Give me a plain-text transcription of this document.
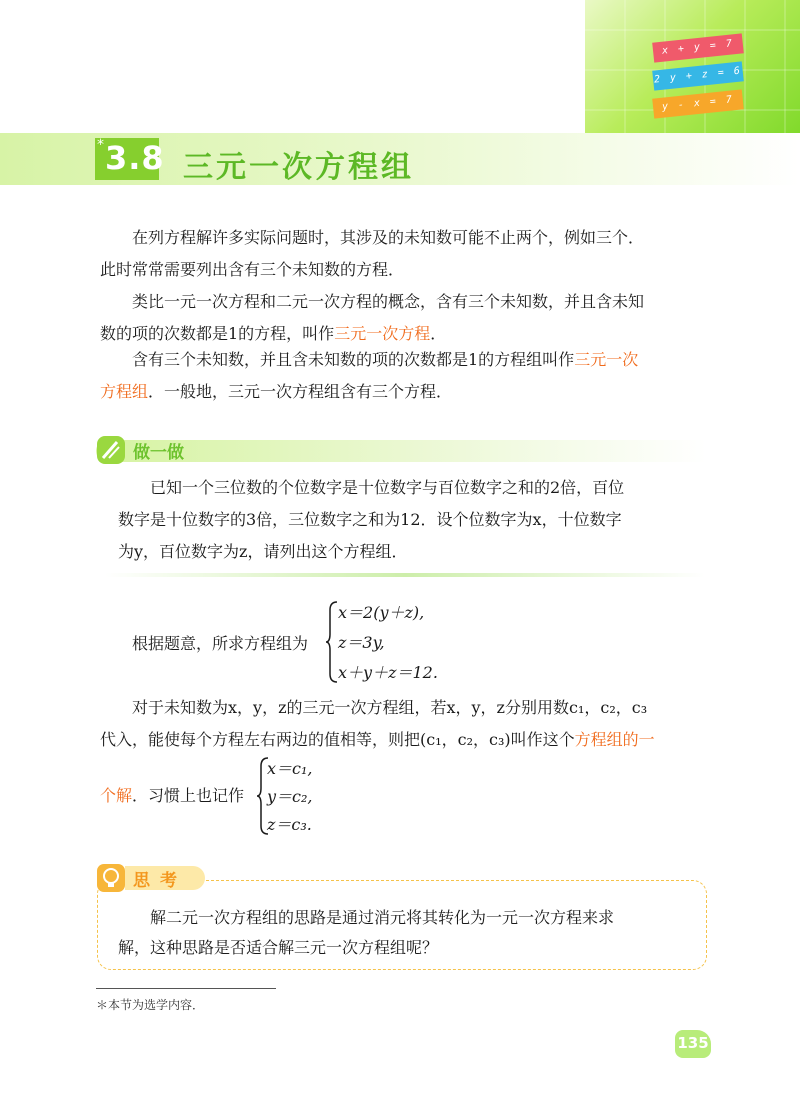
x + y = 7
2 y + z = 6
y - x = 7
* 3.8 三元一次方程组
在列方程解许多实际问题时，其涉及的未知数可能不止两个，例如三个．
此时常常需要列出含有三个未知数的方程．
类比一元一次方程和二元一次方程的概念，含有三个未知数，并且含未知
数的项的次数都是1的方程，叫作三元一次方程．
含有三个未知数，并且含未知数的项的次数都是1的方程组叫作三元一次
方程组．一般地，三元一次方程组含有三个方程．
做一做
已知一个三位数的个位数字是十位数字与百位数字之和的2倍，百位
数字是十位数字的3倍，三位数字之和为12．设个位数字为x，十位数字
为y，百位数字为z，请列出这个方程组．
根据题意，所求方程组为
x＝2(y＋z),
z＝3y,
x＋y＋z＝12.
对于未知数为x，y，z的三元一次方程组，若x，y，z分别用数c₁，c₂，c₃
代入，能使每个方程左右两边的值相等，则把(c₁，c₂，c₃)叫作这个方程组的一
个解．习惯上也记作
x＝c₁,
y＝c₂,
z＝c₃.
思考
解二元一次方程组的思路是通过消元将其转化为一元一次方程来求
解，这种思路是否适合解三元一次方程组呢？
＊本节为选学内容．
135
